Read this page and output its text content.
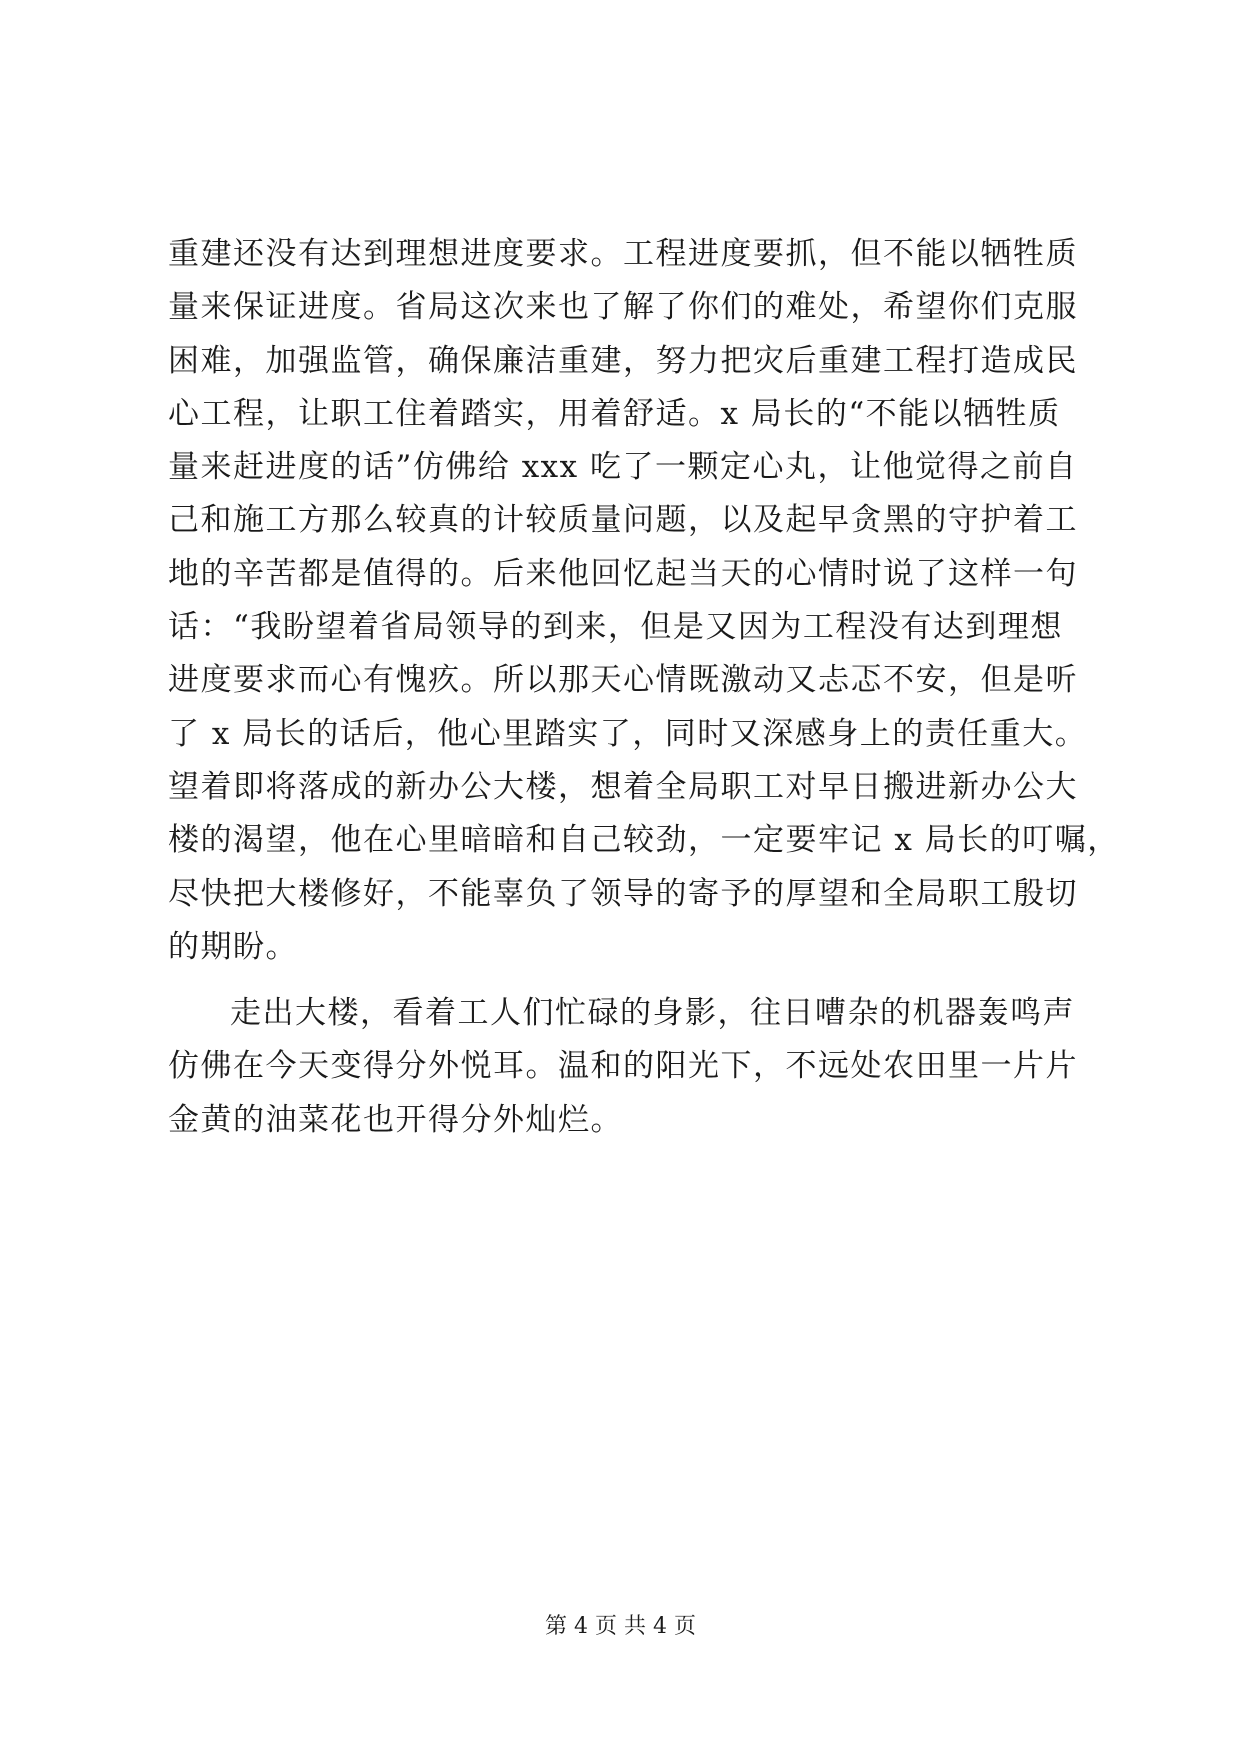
重建还没有达到理想进度要求。工程进度要抓，但不能以牺牲质
量来保证进度。省局这次来也了解了你们的难处，希望你们克服
困难，加强监管，确保廉洁重建，努力把灾后重建工程打造成民
心工程，让职工住着踏实，用着舒适。x 局长的“不能以牺牲质
量来赶进度的话”仿佛给 xxx 吃了一颗定心丸，让他觉得之前自
己和施工方那么较真的计较质量问题，以及起早贪黑的守护着工
地的辛苦都是值得的。后来他回忆起当天的心情时说了这样一句
话：“我盼望着省局领导的到来，但是又因为工程没有达到理想
进度要求而心有愧疚。所以那天心情既激动又忐忑不安，但是听
了 x 局长的话后，他心里踏实了，同时又深感身上的责任重大。
望着即将落成的新办公大楼，想着全局职工对早日搬进新办公大
楼的渴望，他在心里暗暗和自己较劲，一定要牢记 x 局长的叮嘱，
尽快把大楼修好，不能辜负了领导的寄予的厚望和全局职工殷切
的期盼。
走出大楼，看着工人们忙碌的身影，往日嘈杂的机器轰鸣声
仿佛在今天变得分外悦耳。温和的阳光下，不远处农田里一片片
金黄的油菜花也开得分外灿烂。
第 4 页 共 4 页
